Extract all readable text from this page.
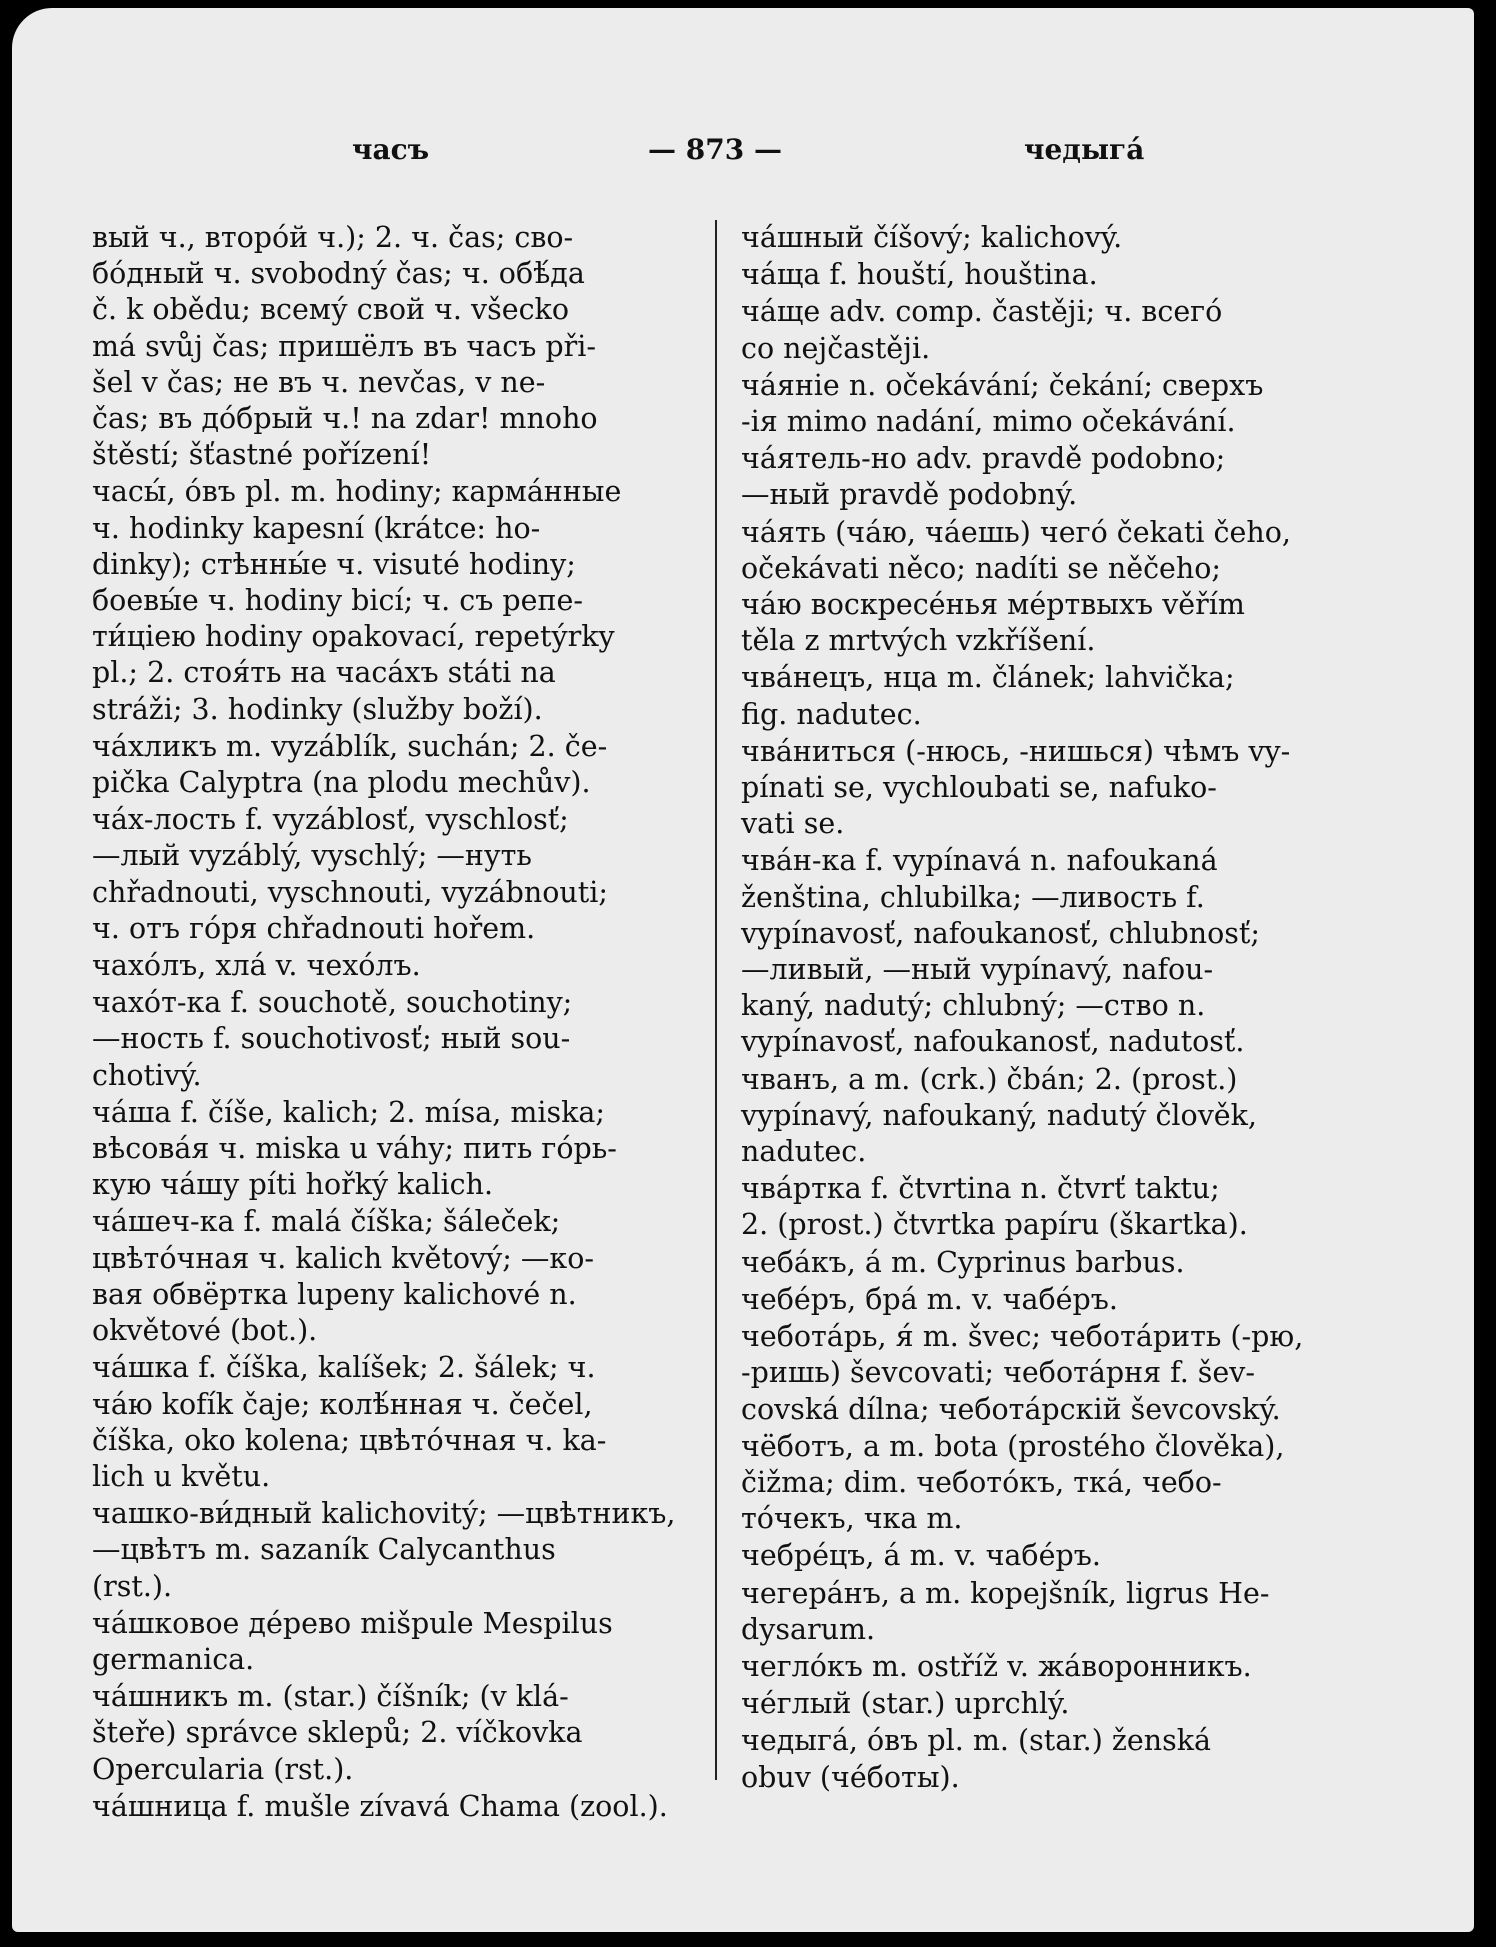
часъ	— 873 —	чедыга́
вый ч., второ́й ч.); 2. ч. čas; сво-
бо́дный ч. svobodný čas; ч. обѣ́да
č. k obědu; всему́ свой ч. všecko
má svůj čas; пришёлъ въ часъ při-
šel v čas; не въ ч. nevčas, v ne-
čas; въ до́брый ч.! na zdar! mnoho
štěstí; šťastné pořízení!
часы́, о́въ pl. m. hodiny; карма́нные
ч. hodinky kapesní (krátce: ho-
dinky); стѣнны́е ч. visuté hodiny;
боевы́е ч. hodiny bicí; ч. съ репе-
ти́ціею hodiny opakovací, repetýrky
pl.; 2. стоя́ть на часа́хъ státi na
stráži; 3. hodinky (služby boží).
ча́хликъ m. vyzáblík, suchán; 2. če-
pička Calyptra (na plodu mechův).
ча́х-лость f. vyzáblosť, vyschlosť;
—лый vyzáblý, vyschlý; —нуть
chřadnouti, vyschnouti, vyzábnouti;
ч. отъ го́ря chřadnouti hořem.
чахо́лъ, хла́ v. чехо́лъ.
чахо́т-ка f. souchotě, souchotiny;
—ность f. souchotivosť; ный sou-
chotivý.
ча́ша f. číše, kalich; 2. mísa, miska;
вѣсова́я ч. miska u váhy; пить го́рь-
кую ча́шу píti hořký kalich.
ча́шеч-ка f. malá číška; šáleček;
цвѣто́чная ч. kalich květový; —ко-
вая обвёртка lupeny kalichové n.
okvětové (bot.).
ча́шка f. číška, kalíšek; 2. šálek; ч.
ча́ю kofík čaje; колѣ́нная ч. čečel,
číška, oko kolena; цвѣто́чная ч. ka-
lich u květu.
чашко-ви́дный kalichovitý; —цвѣтникъ,
—цвѣтъ m. sazaník Calycanthus
(rst.).
ча́шковое де́рево mišpule Mespilus
germanica.
ча́шникъ m. (star.) číšník; (v klá-
šteře) správce sklepů; 2. víčkovka
Opercularia (rst.).
ча́шница f. mušle zívavá Chama (zool.).
ча́шный číšový; kalichový.
ча́ща f. houští, houština.
ча́ще adv. comp. častěji; ч. всего́
co nejčastěji.
ча́яніе n. očekávání; čekání; сверхъ
-ія mimo nadání, mimo očekávání.
ча́ятель-но adv. pravdě podobno;
—ный pravdě podobný.
ча́ять (ча́ю, ча́ешь) чего́ čekati čeho,
očekávati něco; nadíti se něčeho;
ча́ю воскресе́нья ме́ртвыхъ věřím
těla z mrtvých vzkříšení.
чва́нецъ, нца m. článek; lahvička;
fig. nadutec.
чва́ниться (-нюсь, -нишься) чѣмъ vy-
pínati se, vychloubati se, nafuko-
vati se.
чва́н-ка f. vypínavá n. nafoukaná
ženština, chlubilka; —ливость f.
vypínavosť, nafoukanosť, chlubnosť;
—ливый, —ный vypínavý, nafou-
kaný, nadutý; chlubný; —ство n.
vypínavosť, nafoukanosť, nadutosť.
чванъ, а m. (crk.) čbán; 2. (prost.)
vypínavý, nafoukaný, nadutý člověk,
nadutec.
чва́ртка f. čtvrtina n. čtvrť taktu;
2. (prost.) čtvrtka papíru (škartka).
чеба́къ, а́ m. Cyprinus barbus.
чебе́ръ, бра́ m. v. чабе́ръ.
чебота́рь, я́ m. švec; чебота́рить (-рю,
-ришь) ševcovati; чебота́рня f. šev-
covská dílna; чебота́рскій ševcovský.
чёботъ, а m. bota (prostého člověka),
čižma; dim. чебото́къ, тка́, чебо-
то́чекъ, чка m.
чебре́цъ, а́ m. v. чабе́ръ.
чегера́нъ, а m. kopejšník, ligrus He-
dysarum.
чеглóкъ m. ostříž v. жа́воронникъ.
че́глый (star.) uprchlý.
чедыга́, о́въ pl. m. (star.) ženská
obuv (че́боты).
